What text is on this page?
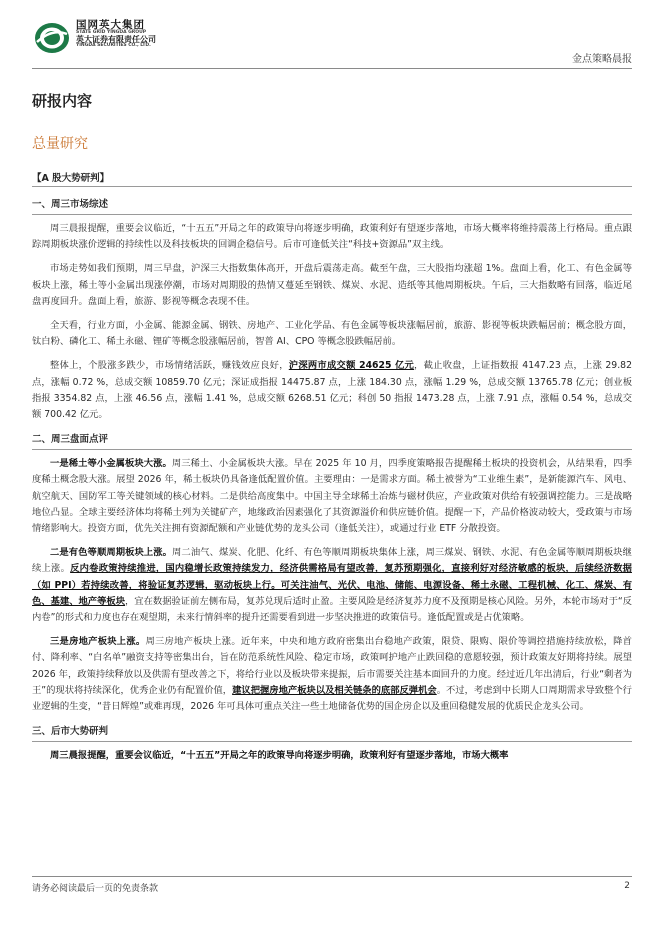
国网英大集团
STATE GRID YINGDA GROUP
英大证券有限责任公司
YINGDA SECURITIES CO., LTD.
金点策略晨报
研报内容
总量研究
【A 股大势研判】
一、周三市场综述

周三晨报提醒，重要会议临近，“十五五”开局之年的政策导向将逐步明确，政策利好有望逐步落地，市场大概率将维持震荡上行格局。重点跟踪周期板块涨价逻辑的持续性以及科技板块的回调企稳信号。后市可逢低关注“科技+资源品”双主线。

市场走势如我们预期，周三早盘，沪深三大指数集体高开，开盘后震荡走高。截至午盘，三大股指均涨超 1%。盘面上看，化工、有色金属等板块上涨，稀土等小金属出现涨停潮，市场对周期股的热情又蔓延至钢铁、煤炭、水泥、造纸等其他周期板块。午后，三大指数略有回落，临近尾盘再度回升。盘面上看，旅游、影视等概念表现不佳。

全天看，行业方面，小金属、能源金属、钢铁、房地产、工业化学品、有色金属等板块涨幅居前，旅游、影视等板块跌幅居前；概念股方面， 钛白粉、磷化工、稀土永磁、锂矿等概念股涨幅居前，智普 AI、CPO 等概念股跌幅居前。

整体上，个股涨多跌少，市场情绪活跃，赚钱效应良好，沪深两市成交额 24625 亿元，截止收盘，上证指数报 4147.23 点，上涨 29.82 点，涨幅 0.72 %，总成交额 10859.70 亿元；深证成指报 14475.87 点，上涨 184.30 点，涨幅 1.29 %，总成交额 13765.78 亿元；创业板指报 3354.82 点，上涨 46.56 点，涨幅 1.41 %，总成交额 6268.51 亿元；科创 50 指报 1473.28 点，上涨 7.91 点，涨幅 0.54 %，总成交额 700.42 亿元。

二、周三盘面点评

一是稀土等小金属板块大涨。周三稀土、小金属板块大涨。早在 2025 年 10 月，四季度策略报告提醒稀土板块的投资机会，从结果看，四季度稀土概念股大涨。展望 2026 年，稀土板块仍具备逢低配置价值。主要理由：一是需求方面。稀土被誉为“工业维生素”，是新能源汽车、风电、航空航天、国防军工等关键领域的核心材料。二是供给高度集中。中国主导全球稀土冶炼与磁材供应，产业政策对供给有较强调控能力。三是战略地位凸显。全球主要经济体均将稀土列为关键矿产，地缘政治因素强化了其资源溢价和供应链价值。提醒一下，产品价格波动较大，受政策与市场情绪影响大。投资方面，优先关注拥有资源配额和产业链优势的龙头公司（逢低关注），或通过行业 ETF 分散投资。

二是有色等顺周期板块上涨。周二油气、煤炭、化肥、化纤、有色等顺周期板块集体上涨，周三煤炭、钢铁、水泥、有色金属等顺周期板块继续上涨。反内卷政策持续推进，国内稳增长政策持续发力，经济供需格局有望改善，复苏预期强化，直接利好对经济敏感的板块，后续经济数据（如 PPI）若持续改善，将验证复苏逻辑，驱动板块上行。可关注油气、光伏、电池、储能、电源设备、稀土永磁、工程机械、化工、煤炭、有色、基建、地产等板块，宜在数据验证前左侧布局，复苏兑现后适时止盈。主要风险是经济复苏力度不及预期是核心风险。另外，本轮市场对于“反内卷”的形式和力度也存在观望期，未来行情斜率的提升还需要看到进一步坚决推进的政策信号。逢低配置或是占优策略。

三是房地产板块上涨。周三房地产板块上涨。近年来，中央和地方政府密集出台稳地产政策，限贷、限购、限价等调控措施持续放松，降首付、降利率、“白名单”融资支持等密集出台，旨在防范系统性风险、稳定市场，政策呵护地产止跌回稳的意愿较强，预计政策友好期将持续。展望 2026 年，政策持续释放以及供需有望改善之下，将给行业以及板块带来提振，后市需要关注基本面回升的力度。经过近几年出清后，行业“剩者为王”的现状将持续深化，优秀企业仍有配置价值，建议把握房地产板块以及相关链条的底部反弹机会。不过，考虑到中长期人口周期需求导致整个行业逻辑的生变，“昔日辉煌”或难再现，2026 年可具体可重点关注一些土地储备优势的国企房企以及重回稳健发展的优质民企龙头公司。

三、后市大势研判

周三晨报提醒，重要会议临近，“十五五”开局之年的政策导向将逐步明确，政策利好有望逐步落地，市场大概率

请务必阅读最后一页的免责条款	2
